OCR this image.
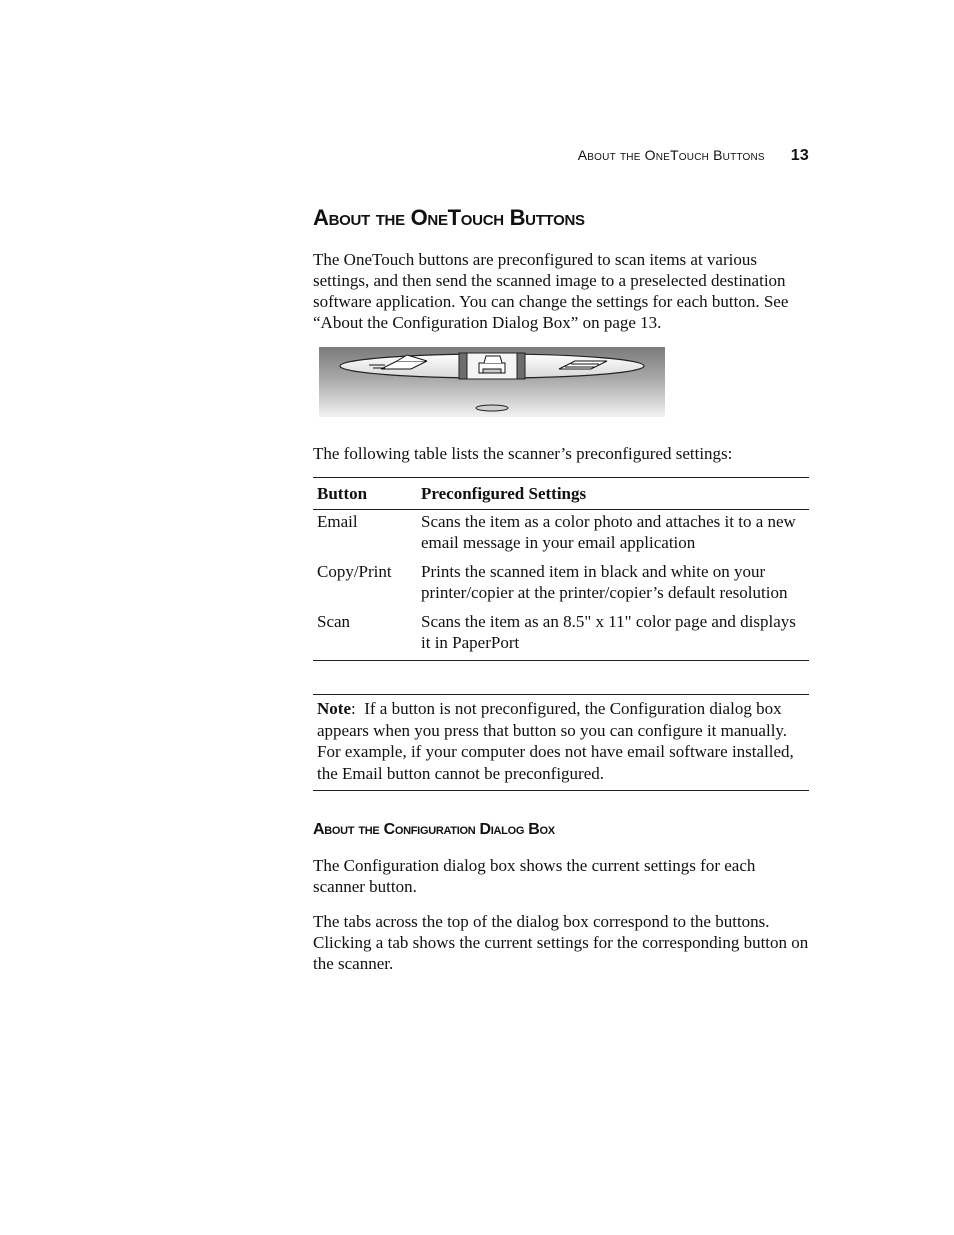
About the OneTouch Buttons 13
About the OneTouch Buttons

The OneTouch buttons are preconfigured to scan items at various settings, and then send the scanned image to a preselected destination software application. You can change the settings for each button. See “About the Configuration Dialog Box” on page 13.

The following table lists the scanner’s preconfigured settings:

Button	Preconfigured Settings
Email	Scans the item as a color photo and attaches it to a new email message in your email application
Copy/Print	Prints the scanned item in black and white on your printer/copier at the printer/copier’s default resolution
Scan	Scans the item as an 8.5" x 11" color page and displays it in PaperPort
Note:  If a button is not preconfigured, the Configuration dialog box appears when you press that button so you can configure it manually. For example, if your computer does not have email software installed, the Email button cannot be preconfigured.
About the Configuration Dialog Box

The Configuration dialog box shows the current settings for each scanner button.

The tabs across the top of the dialog box correspond to the buttons. Clicking a tab shows the current settings for the corresponding button on the scanner.
